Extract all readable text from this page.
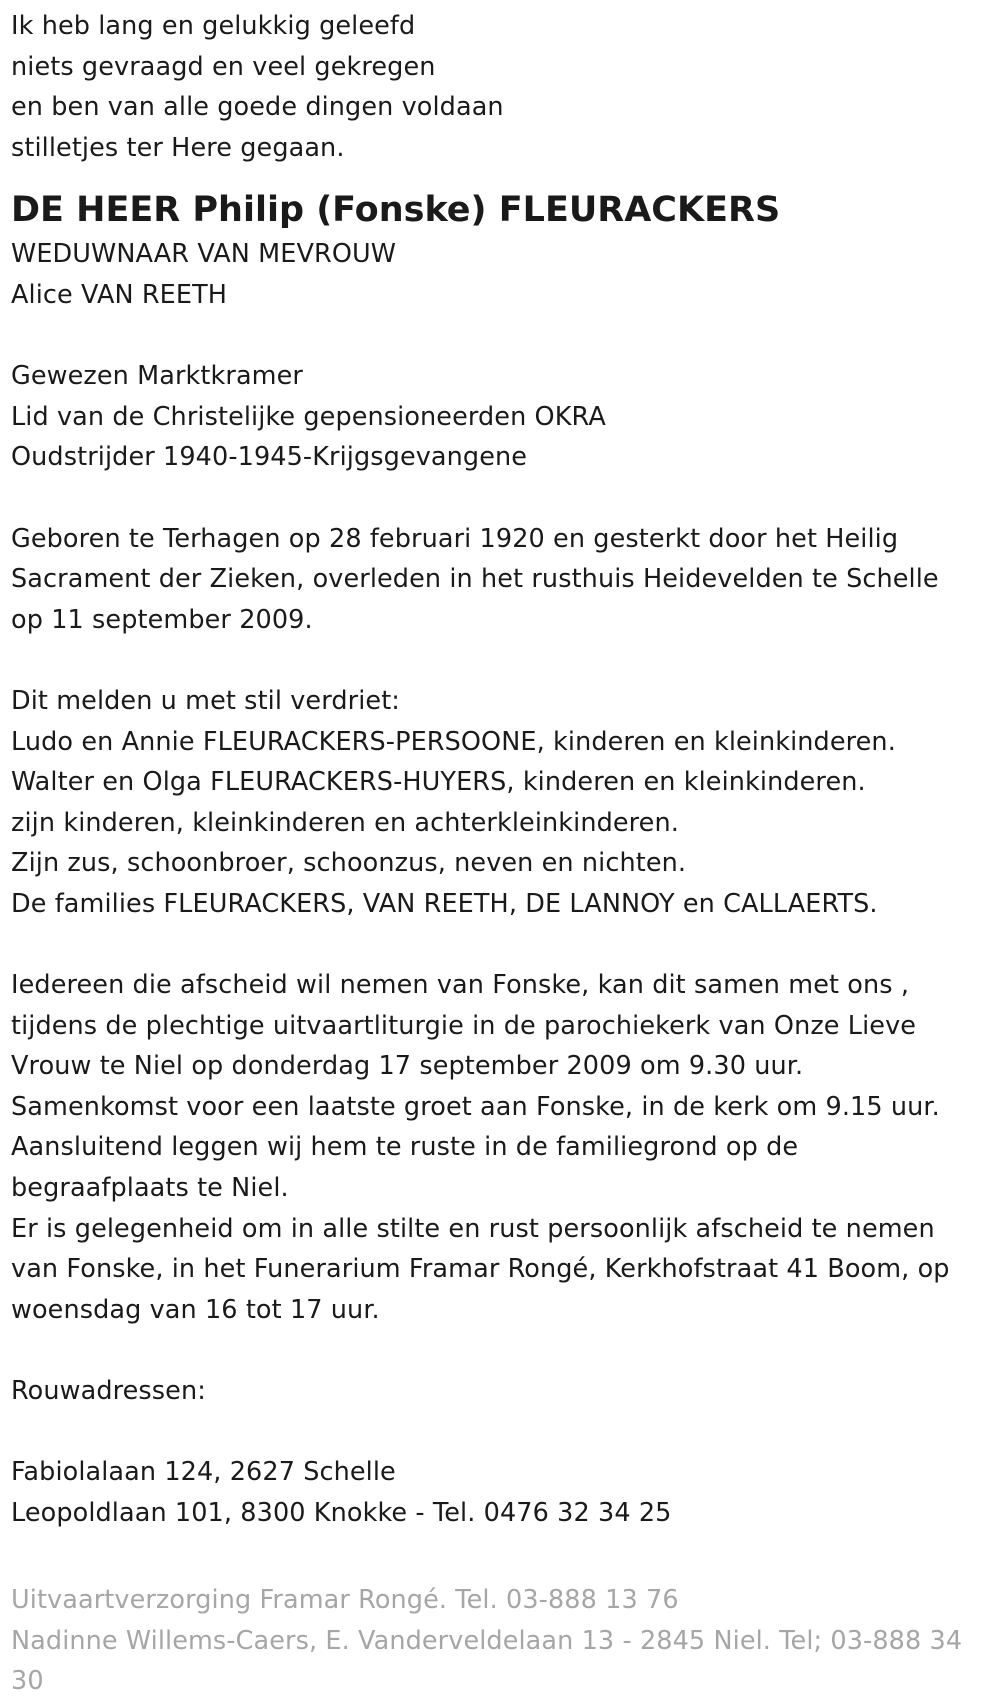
Ik heb lang en gelukkig geleefd
niets gevraagd en veel gekregen
en ben van alle goede dingen voldaan
stilletjes ter Here gegaan.
DE HEER Philip (Fonske) FLEURACKERS
WEDUWNAAR VAN MEVROUW
Alice VAN REETH
Gewezen Marktkramer
Lid van de Christelijke gepensioneerden OKRA
Oudstrijder 1940-1945-Krijgsgevangene
Geboren te Terhagen op 28 februari 1920 en gesterkt door het Heilig
Sacrament der Zieken, overleden in het rusthuis Heidevelden te Schelle
op 11 september 2009.
Dit melden u met stil verdriet:
Ludo en Annie FLEURACKERS-PERSOONE, kinderen en kleinkinderen.
Walter en Olga FLEURACKERS-HUYERS, kinderen en kleinkinderen.
zijn kinderen, kleinkinderen en achterkleinkinderen.
Zijn zus, schoonbroer, schoonzus, neven en nichten.
De families FLEURACKERS, VAN REETH, DE LANNOY en CALLAERTS.
Iedereen die afscheid wil nemen van Fonske, kan dit samen met ons ,
tijdens de plechtige uitvaartliturgie in de parochiekerk van Onze Lieve
Vrouw te Niel op donderdag 17 september 2009 om 9.30 uur.
Samenkomst voor een laatste groet aan Fonske, in de kerk om 9.15 uur.
Aansluitend leggen wij hem te ruste in de familiegrond op de
begraafplaats te Niel.
Er is gelegenheid om in alle stilte en rust persoonlijk afscheid te nemen
van Fonske, in het Funerarium Framar Rongé, Kerkhofstraat 41 Boom, op
woensdag van 16 tot 17 uur.
Rouwadressen:
Fabiolalaan 124, 2627 Schelle
Leopoldlaan 101, 8300 Knokke - Tel. 0476 32 34 25
Uitvaartverzorging Framar Rongé. Tel. 03-888 13 76
Nadinne Willems-Caers, E. Vanderveldelaan 13 - 2845 Niel. Tel; 03-888 34
30
